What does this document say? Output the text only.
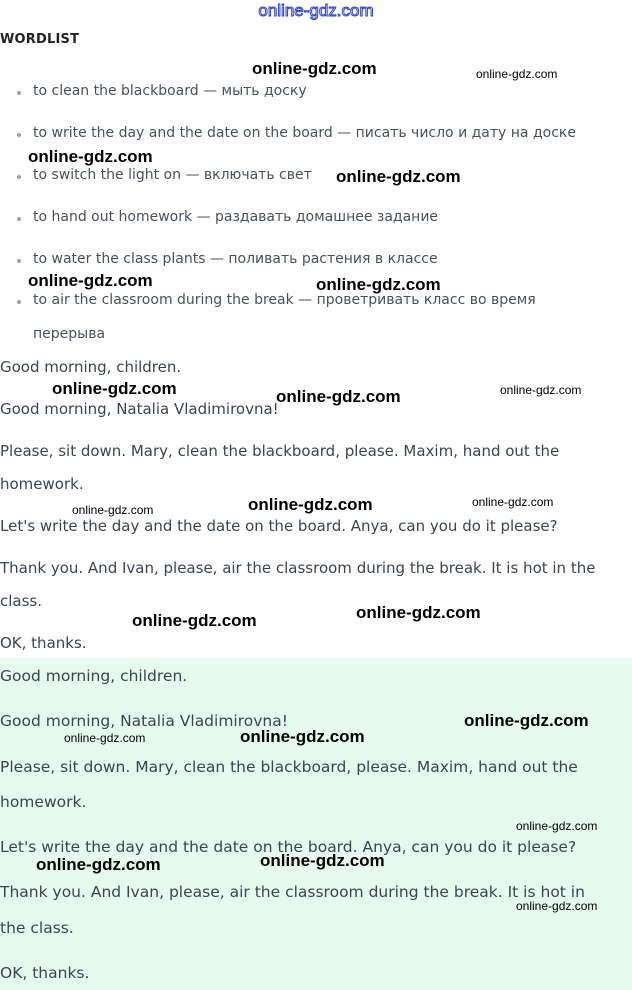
online-gdz.com
WORDLIST
to clean the blackboard — мыть доску
to write the day and the date on the board — писать число и дату на доске
to switch the light on — включать свет
to hand out homework — раздавать домашнее задание
to water the class plants — поливать растения в классе
to air the classroom during the break — проветривать класс во время
перерыва
Good morning, children.
Good morning, Natalia Vladimirovna!
Please, sit down. Mary, clean the blackboard, please. Maxim, hand out the
homework.
Let's write the day and the date on the board. Anya, can you do it please?
Thank you. And Ivan, please, air the classroom during the break. It is hot in the
class.
OK, thanks.
Good morning, children.
Good morning, Natalia Vladimirovna!
Please, sit down. Mary, clean the blackboard, please. Maxim, hand out the
homework.
Let's write the day and the date on the board. Anya, can you do it please?
Thank you. And Ivan, please, air the classroom during the break. It is hot in
the class.
OK, thanks.
online-gdz.com	online-gdz.com
online-gdz.com
online-gdz.com
online-gdz.com	online-gdz.com
online-gdz.com	online-gdz.com	online-gdz.com
online-gdz.com	online-gdz.com
online-gdz.com
online-gdz.com
online-gdz.com
online-gdz.com
online-gdz.com	online-gdz.com
online-gdz.com
online-gdz.com
online-gdz.com
online-gdz.com
